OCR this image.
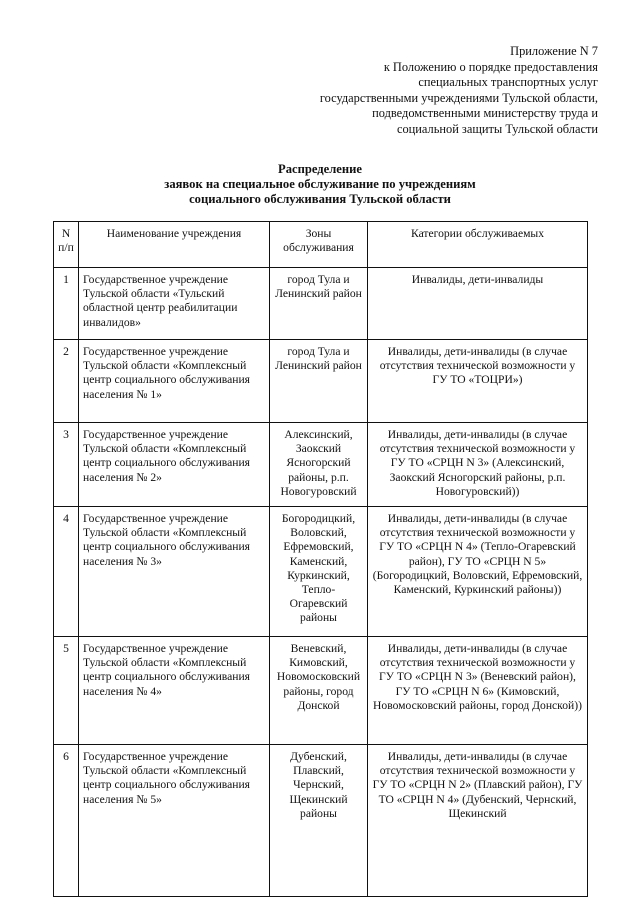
Приложение N 7
к Положению о порядке предоставления
специальных транспортных услуг
государственными учреждениями Тульской области,
подведомственными министерству труда и
социальной защиты Тульской области
Распределение
заявок на специальное обслуживание по учреждениям
социального обслуживания Тульской области
N п/п	Наименование учреждения	Зоны обслуживания	Категории обслуживаемых
1	Государственное учреждение Тульской области «Тульский областной центр реабилитации инвалидов»	город Тула и Ленинский район	Инвалиды, дети-инвалиды
2	Государственное учреждение Тульской области «Комплексный центр социального обслуживания населения № 1»	город Тула и Ленинский район	Инвалиды, дети-инвалиды (в случае отсутствия технической возможности у ГУ ТО «ТОЦРИ»)
3	Государственное учреждение Тульской области «Комплексный центр социального обслуживания населения № 2»	Алексинский, Заокский Ясногорский районы, р.п. Новогуровский	Инвалиды, дети-инвалиды (в случае отсутствия технической возможности у ГУ ТО «СРЦН N 3» (Алексинский, Заокский Ясногорский районы, р.п. Новогуровский))
4	Государственное учреждение Тульской области «Комплексный центр социального обслуживания населения № 3»	Богородицкий, Воловский, Ефремовский, Каменский, Куркинский, Тепло-Огаревский районы	Инвалиды, дети-инвалиды (в случае отсутствия технической возможности у ГУ ТО «СРЦН N 4» (Тепло-Огаревский район), ГУ ТО «СРЦН N 5» (Богородицкий, Воловский, Ефремовский, Каменский, Куркинский районы))
5	Государственное учреждение Тульской области «Комплексный центр социального обслуживания населения № 4»	Веневский, Кимовский, Новомосковский районы, город Донской	Инвалиды, дети-инвалиды (в случае отсутствия технической возможности у ГУ ТО «СРЦН N 3» (Веневский район), ГУ ТО «СРЦН N 6» (Кимовский, Новомосковский районы, город Донской))
6	Государственное учреждение Тульской области «Комплексный центр социального обслуживания населения № 5»	Дубенский, Плавский, Чернский, Щекинский районы	Инвалиды, дети-инвалиды (в случае отсутствия технической возможности у ГУ ТО «СРЦН N 2» (Плавский район), ГУ ТО «СРЦН N 4» (Дубенский, Чернский, Щекинский
